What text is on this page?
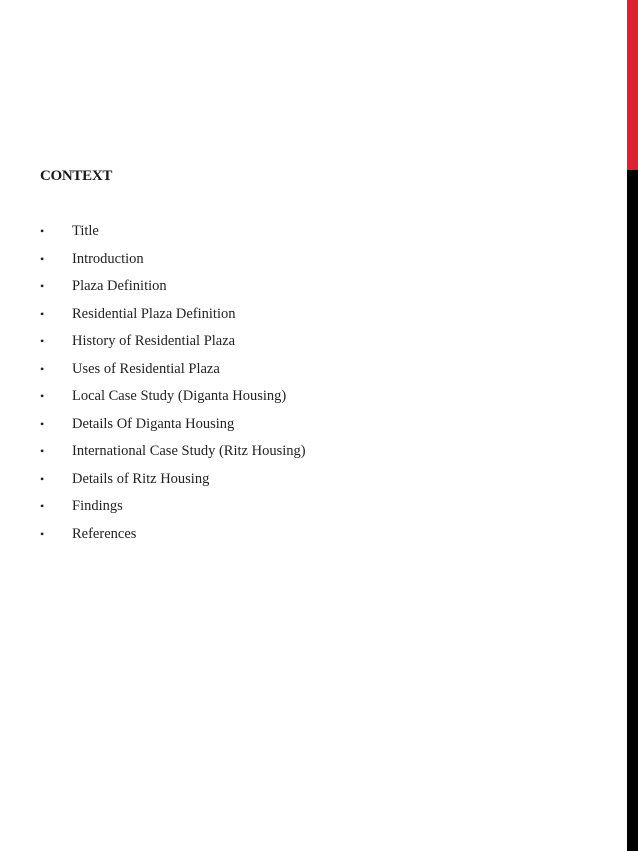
CONTEXT
•	Title
•	Introduction
•	Plaza Definition
•	Residential Plaza Definition
•	History of Residential Plaza
•	Uses of Residential Plaza
•	Local Case Study (Diganta Housing)
•	Details Of Diganta Housing
•	International Case Study (Ritz Housing)
•	Details of Ritz Housing
•	Findings
•	References
